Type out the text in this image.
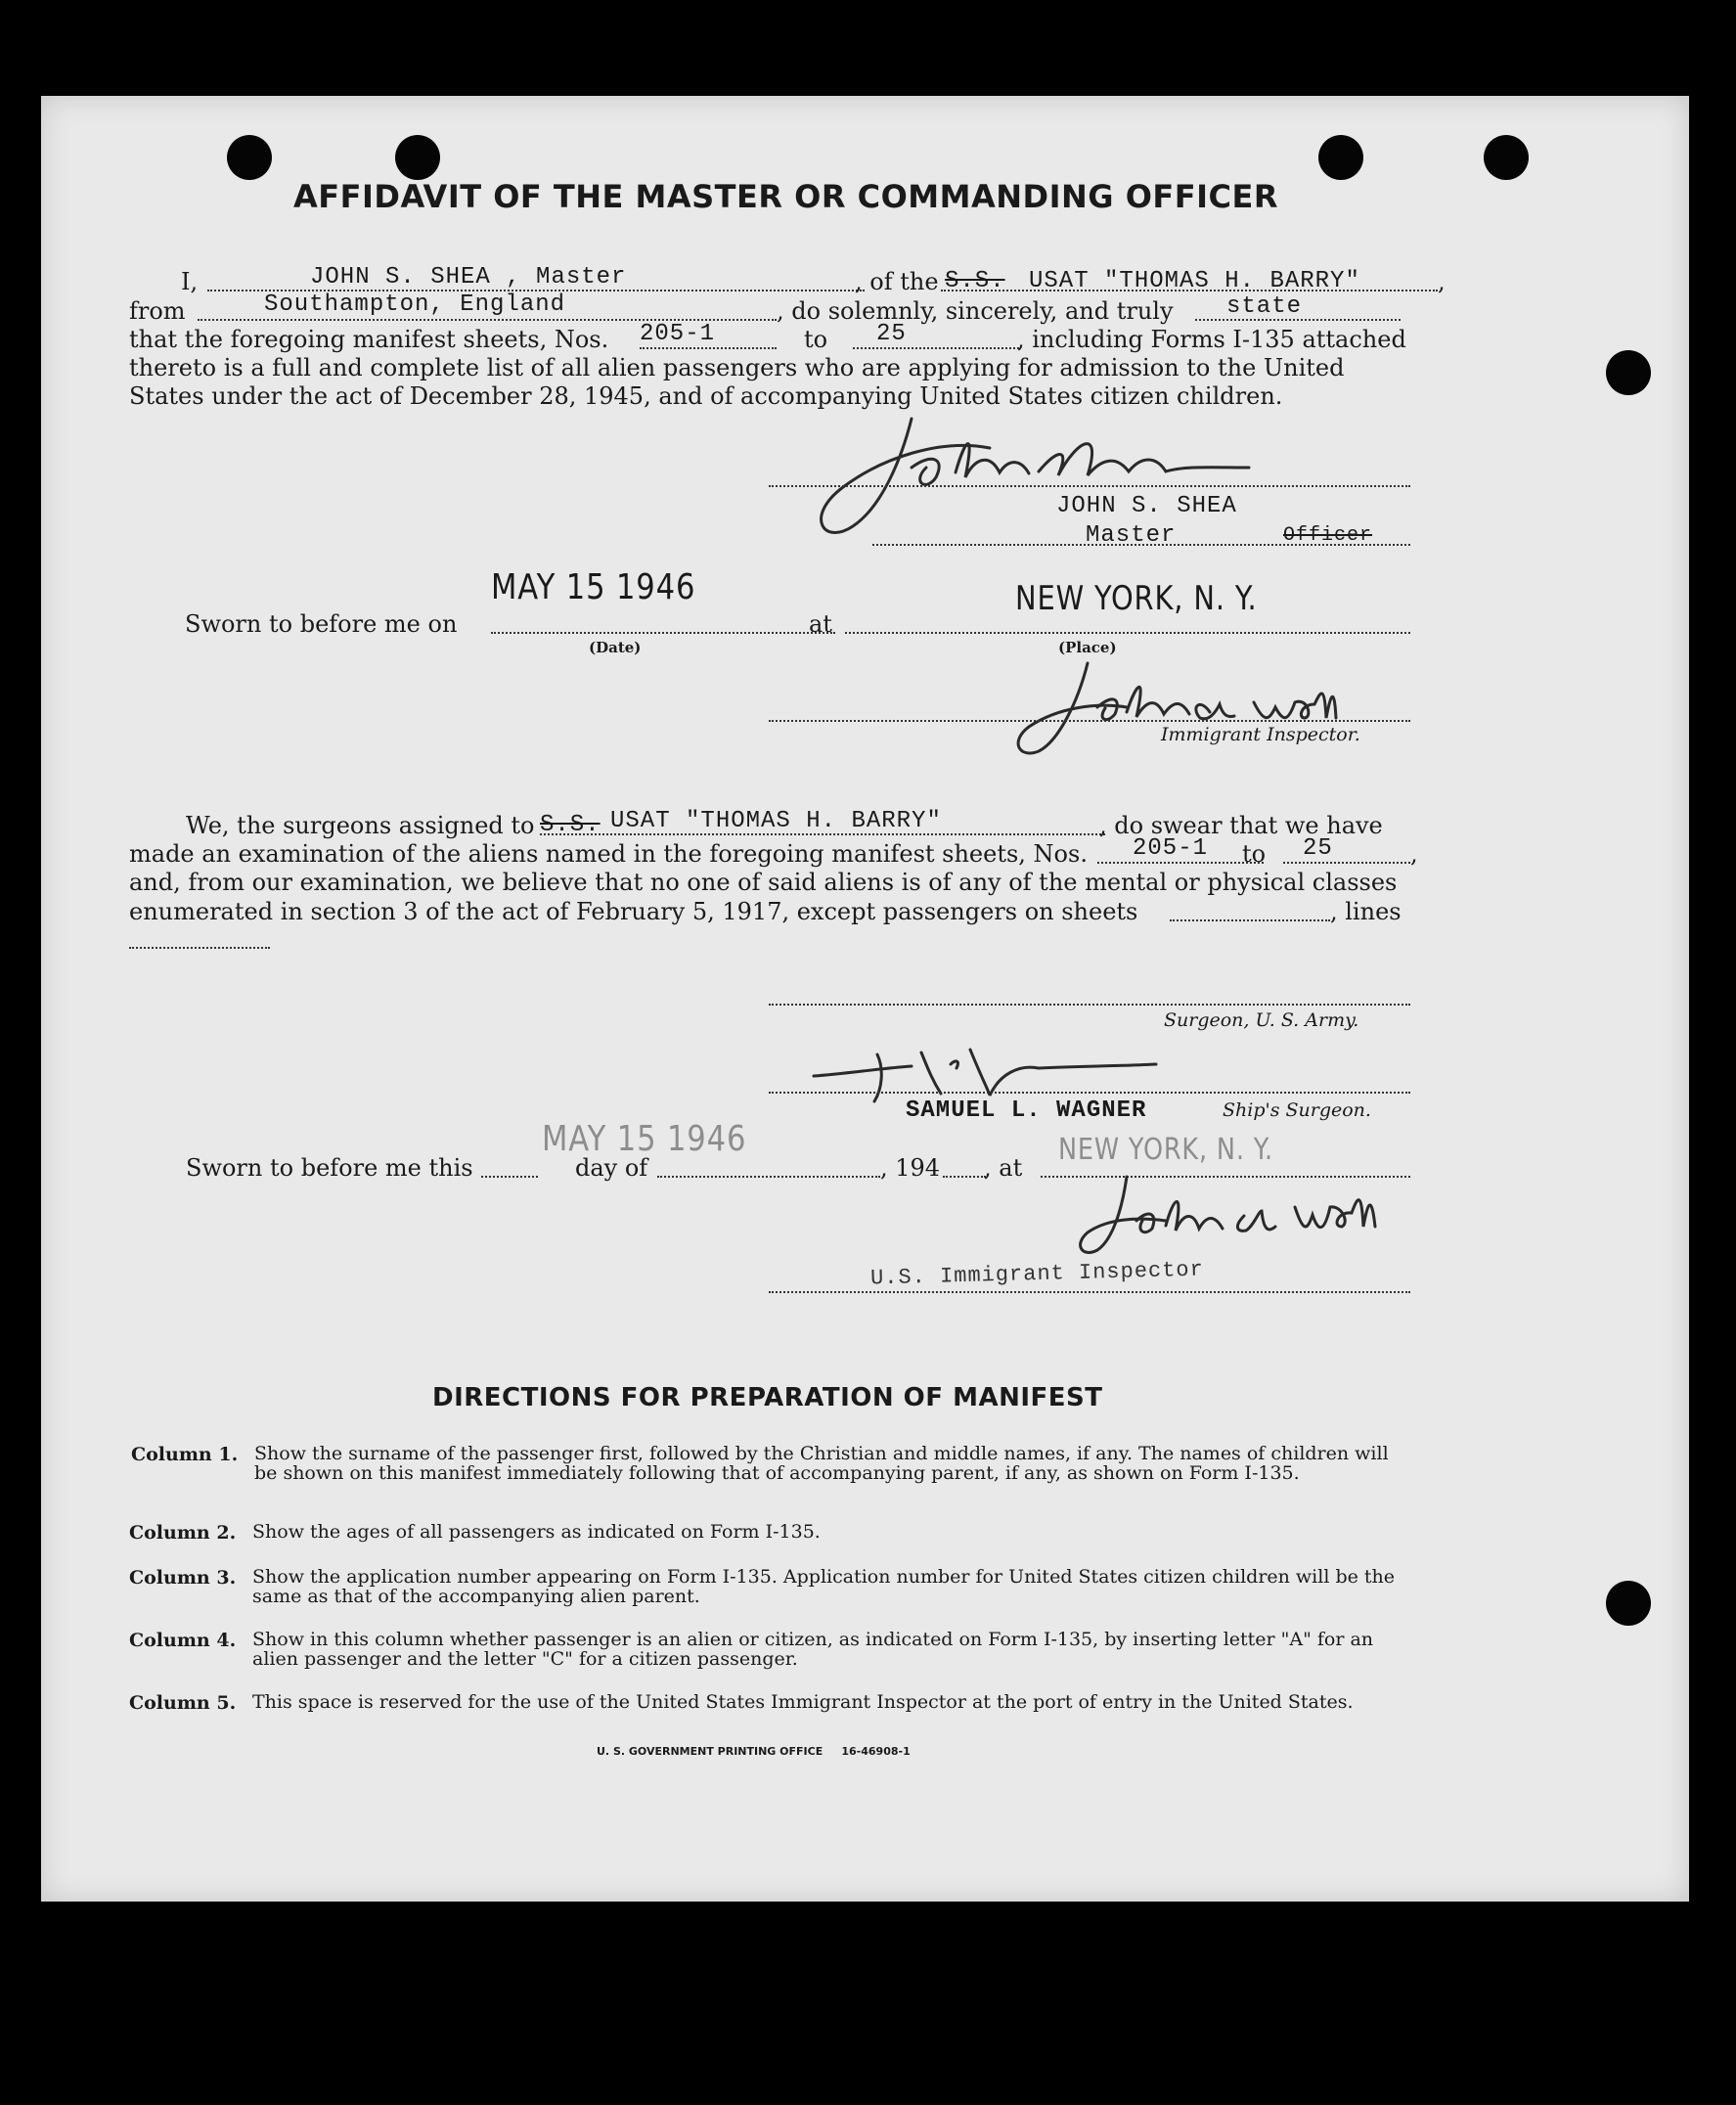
AFFIDAVIT OF THE MASTER OR COMMANDING OFFICER
I,	JOHN S. SHEA , Master	, of the S.S. USAT "THOMAS H. BARRY"	,
from	Southampton, England	, do solemnly, sincerely, and truly state
that the foregoing manifest sheets, Nos. 205-1	to 25	, including Forms I-135 attached
thereto is a full and complete list of all alien passengers who are applying for admission to the United
States under the act of December 28, 1945, and of accompanying United States citizen children.
JOHN S. SHEA
Master	Officer
Sworn to before me on
MAY 15 1946
at
NEW YORK, N. Y.
(Date)	(Place)
Immigrant Inspector.
We, the surgeons assigned to S.S. USAT "THOMAS H. BARRY"	, do swear that we have
made an examination of the aliens named in the foregoing manifest sheets, Nos. 205-1 to 25	,
and, from our examination, we believe that no one of said aliens is of any of the mental or physical classes
enumerated in section 3 of the act of February 5, 1917, except passengers on sheets	, lines
Surgeon, U. S. Army.
SAMUEL L. WAGNER	Ship's Surgeon.
Sworn to before me this
MAY 15 1946
day of	, 194 , at
NEW YORK, N. Y.
U.S. Immigrant Inspector
DIRECTIONS FOR PREPARATION OF MANIFEST
Column 1. Show the surname of the passenger first, followed by the Christian and middle names, if any. The names of children will be shown on this manifest immediately following that of accompanying parent, if any, as shown on Form I-135.
Column 2. Show the ages of all passengers as indicated on Form I-135.
Column 3. Show the application number appearing on Form I-135. Application number for United States citizen children will be the same as that of the accompanying alien parent.
Column 4. Show in this column whether passenger is an alien or citizen, as indicated on Form I-135, by inserting letter "A" for an alien passenger and the letter "C" for a citizen passenger.
Column 5. This space is reserved for the use of the United States Immigrant Inspector at the port of entry in the United States.
U. S. GOVERNMENT PRINTING OFFICE     16-46908-1
